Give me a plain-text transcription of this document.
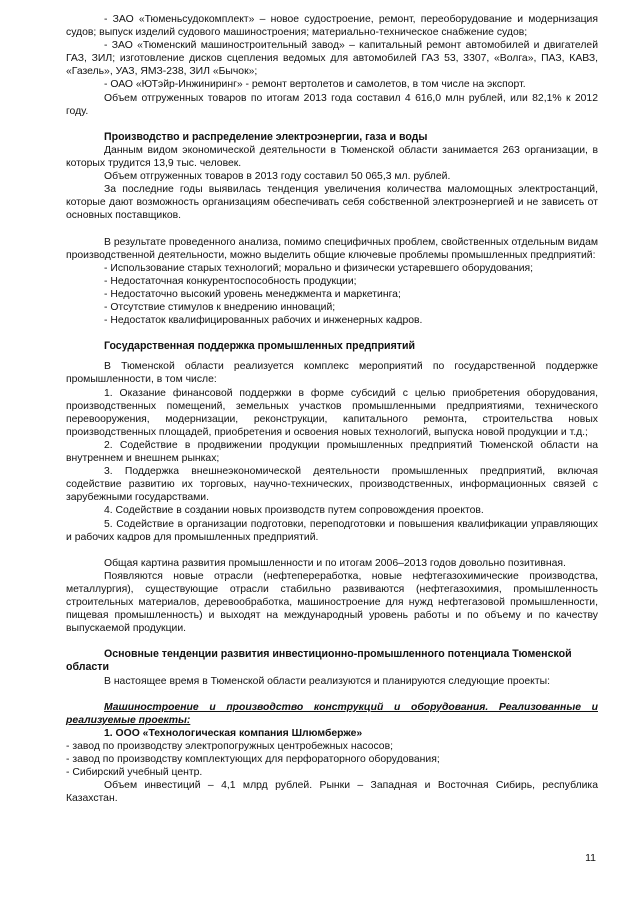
- ЗАО «Тюменьсудокомплект» – новое судостроение, ремонт, переоборудование и модернизация судов; выпуск изделий судового машиностроения; материально-техническое снабжение судов;

- ЗАО «Тюменский машиностроительный завод» – капитальный ремонт автомобилей и двигателей ГАЗ, ЗИЛ; изготовление дисков сцепления ведомых для автомобилей ГАЗ 53, 3307, «Волга», ПАЗ, КАВЗ, «Газель», УАЗ, ЯМЗ-238, ЗИЛ «Бычок»;

- ОАО «ЮТэйр-Инжиниринг» - ремонт вертолетов и самолетов, в том числе на экспорт.

Объем отгруженных товаров по итогам 2013 года составил 4 616,0 млн рублей, или 82,1% к 2012 году.

Производство и распределение электроэнергии, газа и воды

Данным видом экономической деятельности в Тюменской области занимается 263 организации, в которых трудится 13,9 тыс. человек.

Объем отгруженных товаров в 2013 году составил 50 065,3 мл. рублей.

За последние годы выявилась тенденция увеличения количества маломощных электростанций, которые дают возможность организациям обеспечивать себя собственной электроэнергией и не зависеть от основных поставщиков.

В результате проведенного анализа, помимо специфичных проблем, свойственных отдельным видам производственной деятельности, можно выделить общие ключевые проблемы промышленных предприятий:

- Использование старых технологий; морально и физически устаревшего оборудования;

- Недостаточная конкурентоспособность продукции;

- Недостаточно высокий уровень менеджмента и маркетинга;

- Отсутствие стимулов к внедрению инноваций;

- Недостаток квалифицированных рабочих и инженерных кадров.

Государственная поддержка промышленных предприятий

В Тюменской области реализуется комплекс мероприятий по государственной поддержке промышленности, в том числе:

1. Оказание финансовой поддержки в форме субсидий с целью приобретения оборудования, производственных помещений, земельных участков промышленными предприятиями, технического перевооружения, модернизации, реконструкции, капитального ремонта, строительства новых производственных площадей, приобретения и освоения новых технологий, выпуска новой продукции и т.д.;

2. Содействие в продвижении продукции промышленных предприятий Тюменской области на внутреннем и внешнем рынках;

3. Поддержка внешнеэкономической деятельности промышленных предприятий, включая содействие развитию их торговых, научно-технических, производственных, информационных связей с зарубежными государствами.

4. Содействие в создании новых производств путем сопровождения проектов.

5. Содействие в организации подготовки, переподготовки и повышения квалификации управляющих и рабочих кадров для промышленных предприятий.

Общая картина развития промышленности и по итогам 2006–2013 годов довольно позитивная.

Появляются новые отрасли (нефтепереработка, новые нефтегазохимические производства, металлургия), существующие отрасли стабильно развиваются (нефтегазохимия, промышленность строительных материалов, деревообработка, машиностроение для нужд нефтегазовой промышленности, пищевая промышленность) и выходят на международный уровень работы и по объему и по качеству выпускаемой продукции.

Основные тенденции развития инвестиционно-промышленного потенциала Тюменской области

В настоящее время в Тюменской области реализуются и планируются следующие проекты:

Машиностроение и производство конструкций и оборудования. Реализованные и реализуемые проекты:

1. ООО «Технологическая компания Шлюмберже»

- завод по производству электропогружных центробежных насосов;

- завод по производству комплектующих для перфораторного оборудования;

- Сибирский учебный центр.

Объем инвестиций – 4,1 млрд рублей. Рынки – Западная и Восточная Сибирь, республика Казахстан.

11
